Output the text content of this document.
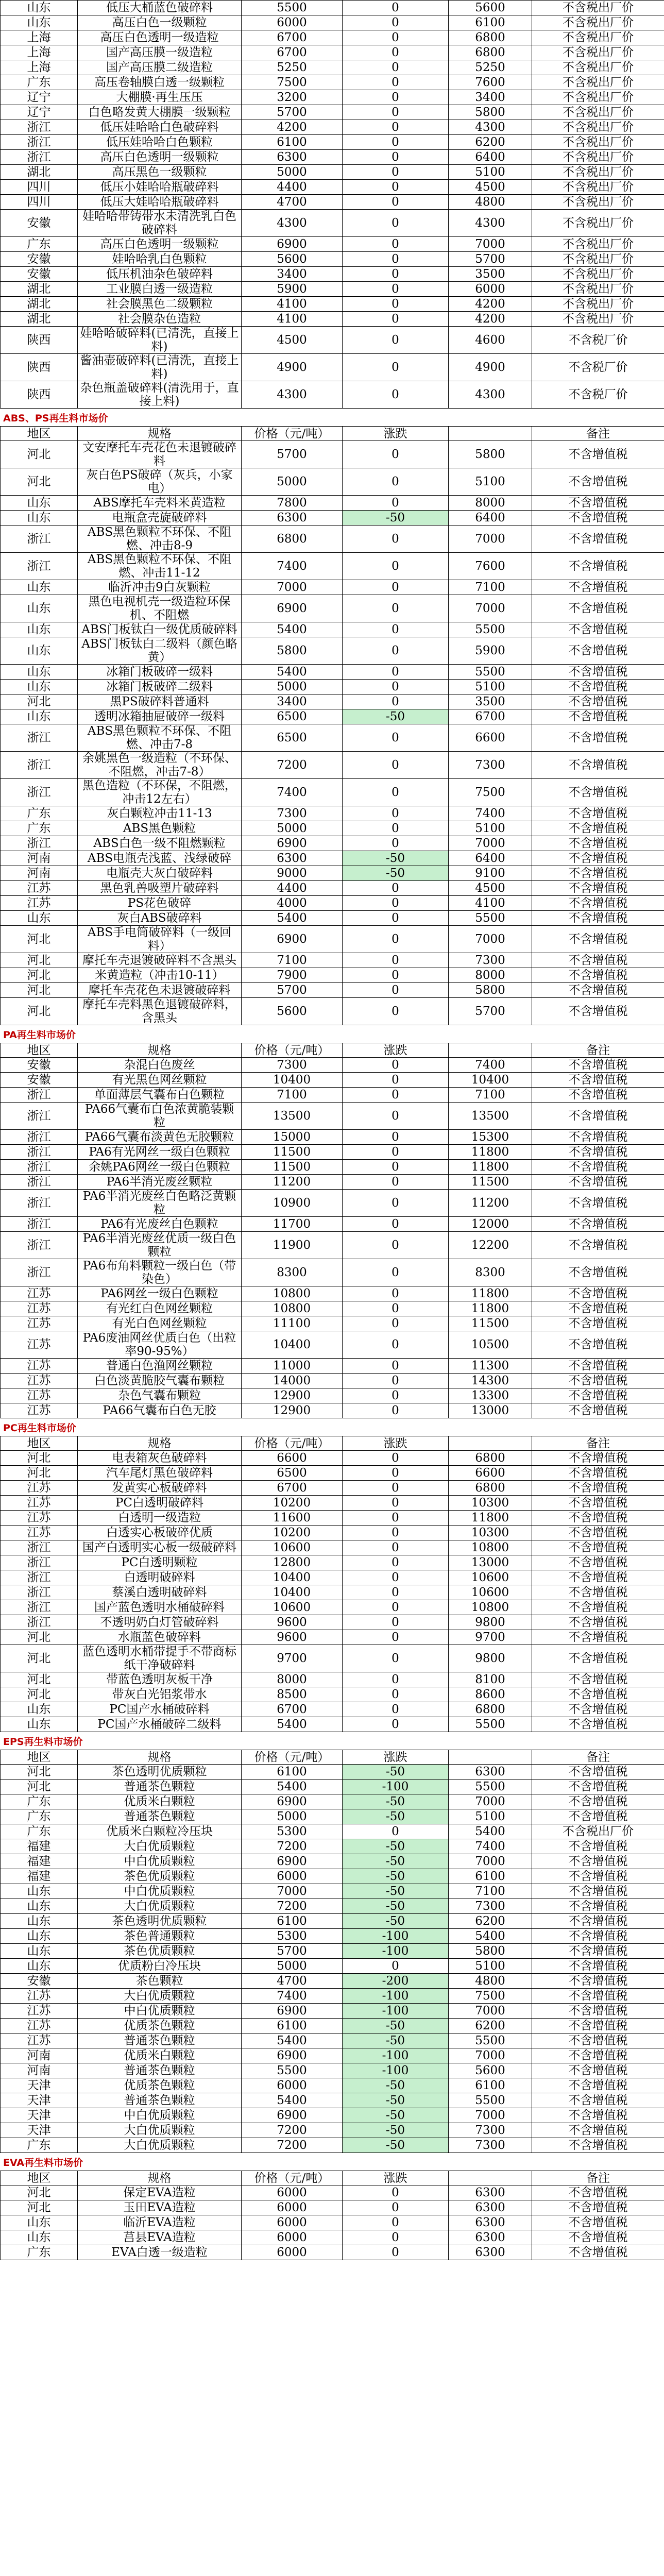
山东	低压大桶蓝色破碎料	5500	0	5600	不含税出厂价
山东	高压白色一级颗粒	6000	0	6100	不含税出厂价
上海	高压白色透明一级造粒	6700	0	6800	不含税出厂价
上海	国产高压膜一级造粒	6700	0	6800	不含税出厂价
上海	国产高压膜二级造粒	5250	0	5250	不含税出厂价
广东	高压卷轴膜白透一级颗粒	7500	0	7600	不含税出厂价
辽宁	大棚膜·再生压压	3200	0	3400	不含税出厂价
辽宁	白色略发黄大棚膜一级颗粒	5700	0	5800	不含税出厂价
浙江	低压娃哈哈白色破碎料	4200	0	4300	不含税出厂价
浙江	低压娃哈哈白色颗粒	6100	0	6200	不含税出厂价
浙江	高压白色透明一级颗粒	6300	0	6400	不含税出厂价
湖北	高压黑色一级颗粒	5000	0	5100	不含税出厂价
四川	低压小娃哈哈瓶破碎料	4400	0	4500	不含税出厂价
四川	低压大娃哈哈瓶破碎料	4700	0	4800	不含税出厂价
安徽	娃哈哈带铸带水未清洗乳白色破碎料	4300	0	4300	不含税出厂价
广东	高压白色透明一级颗粒	6900	0	7000	不含税出厂价
安徽	娃哈哈乳白色颗粒	5600	0	5700	不含税出厂价
安徽	低压机油杂色破碎料	3400	0	3500	不含税出厂价
湖北	工业膜白透一级造粒	5900	0	6000	不含税出厂价
湖北	社会膜黑色二级颗粒	4100	0	4200	不含税出厂价
湖北	社会膜杂色造粒	4100	0	4200	不含税出厂价
陕西	娃哈哈破碎料(已清洗，直接上料)	4500	0	4600	不含税厂价
陕西	酱油壶破碎料(已清洗，直接上料)	4900	0	4900	不含税厂价
陕西	杂色瓶盖破碎料(清洗用于，直接上料)	4300	0	4300	不含税厂价
ABS、PS再生料市场价
地区	规格	价格（元/吨）	涨跌		备注
河北	文安摩托车壳花色未退镀破碎料	5700	0	5800	不含增值税
河北	灰白色PS破碎（灰兵，小家电）	5000	0	5100	不含增值税
山东	ABS摩托车壳料米黄造粒	7800	0	8000	不含增值税
山东	电瓶盒壳旋破碎料	6300	-50	6400	不含增值税
浙江	ABS黑色颗粒不环保、不阻燃、冲击8-9	6800	0	7000	不含增值税
浙江	ABS黑色颗粒不环保、不阻燃、冲击11-12	7400	0	7600	不含增值税
山东	临沂冲击9白灰颗粒	7000	0	7100	不含增值税
山东	黑色电视机壳一级造粒环保机、不阻燃	6900	0	7000	不含增值税
山东	ABS门板钛白一级优质破碎料	5400	0	5500	不含增值税
山东	ABS门板钛白二级料（颜色略黄）	5800	0	5900	不含增值税
山东	冰箱门板破碎一级料	5400	0	5500	不含增值税
山东	冰箱门板破碎二级料	5000	0	5100	不含增值税
河北	黑PS破碎料普通料	3400	0	3500	不含增值税
山东	透明冰箱抽屉破碎一级料	6500	-50	6700	不含增值税
浙江	ABS黑色颗粒不环保、不阻燃、冲击7-8	6500	0	6600	不含增值税
浙江	余姚黑色一级造粒（不环保、不阻燃，冲击7-8）	7200	0	7300	不含增值税
浙江	黑色造粒（不环保，不阻燃，冲击12左右）	7400	0	7500	不含增值税
广东	灰白颗粒冲击11-13	7300	0	7400	不含增值税
广东	ABS黑色颗粒	5000	0	5100	不含增值税
浙江	ABS白色一级不阻燃颗粒	6900	0	7000	不含增值税
河南	ABS电瓶壳浅蓝、浅绿破碎	6300	-50	6400	不含增值税
河南	电瓶壳大灰白破碎料	9000	-50	9100	不含增值税
江苏	黑色乳兽吸塑片破碎料	4400	0	4500	不含增值税
江苏	PS花色破碎	4000	0	4100	不含增值税
山东	灰白ABS破碎料	5400	0	5500	不含增值税
河北	ABS手电筒破碎料（一级回料）	6900	0	7000	不含增值税
河北	摩托车壳退镀破碎料不含黑头	7100	0	7300	不含增值税
河北	米黄造粒（冲击10-11）	7900	0	8000	不含增值税
河北	摩托车壳花色未退镀破碎料	5700	0	5800	不含增值税
河北	摩托车壳料黑色退镀破碎料，含黑头	5600	0	5700	不含增值税
PA再生料市场价
地区	规格	价格（元/吨）	涨跌		备注
安徽	杂混白色废丝	7300	0	7400	不含增值税
安徽	有光黑色网丝颗粒	10400	0	10400	不含增值税
浙江	单面薄层气囊布白色颗粒	7100	0	7100	不含增值税
浙江	PA66气囊布白色浓黄脆装颗粒	13500	0	13500	不含增值税
浙江	PA66气囊布淡黄色无胶颗粒	15000	0	15300	不含增值税
浙江	PA6有光网丝一级白色颗粒	11500	0	11800	不含增值税
浙江	余姚PA6网丝一级白色颗粒	11500	0	11800	不含增值税
浙江	PA6半消光废丝颗粒	11200	0	11500	不含增值税
浙江	PA6半消光废丝白色略泛黄颗粒	10900	0	11200	不含增值税
浙江	PA6有光废丝白色颗粒	11700	0	12000	不含增值税
浙江	PA6半消光废丝优质一级白色颗粒	11900	0	12200	不含增值税
浙江	PA6布角料颗粒一级白色（带染色）	8300	0	8300	不含增值税
江苏	PA6网丝一级白色颗粒	10800	0	11800	不含增值税
江苏	有光红白色网丝颗粒	10800	0	11800	不含增值税
江苏	有光白色网丝颗粒	11100	0	11500	不含增值税
江苏	PA6废油网丝优质白色（出粒率90-95%）	10400	0	10500	不含增值税
江苏	普通白色渔网丝颗粒	11000	0	11300	不含增值税
江苏	白色淡黄脆胶气囊布颗粒	14000	0	14300	不含增值税
江苏	杂色气囊布颗粒	12900	0	13300	不含增值税
江苏	PA66气囊布白色无胶	12900	0	13000	不含增值税
PC再生料市场价
地区	规格	价格（元/吨）	涨跌		备注
河北	电表箱灰色破碎料	6600	0	6800	不含增值税
河北	汽车尾灯黑色破碎料	6500	0	6600	不含增值税
江苏	发黄实心板破碎料	6700	0	6800	不含增值税
江苏	PC白透明破碎料	10200	0	10300	不含增值税
江苏	白透明一级造粒	11600	0	11800	不含增值税
江苏	白透实心板破碎优质	10200	0	10300	不含增值税
浙江	国产白透明实心板一级破碎料	10600	0	10800	不含增值税
浙江	PC白透明颗粒	12800	0	13000	不含增值税
浙江	白透明破碎料	10400	0	10600	不含增值税
浙江	蔡溪白透明破碎料	10400	0	10600	不含增值税
浙江	国产蓝色透明水桶破碎料	10600	0	10800	不含增值税
浙江	不透明奶白灯管破碎料	9600	0	9800	不含增值税
河北	水瓶蓝色破碎料	9600	0	9700	不含增值税
河北	蓝色透明水桶带提手不带商标纸干净破碎料	9700	0	9800	不含增值税
河北	带蓝色透明灰板干净	8000	0	8100	不含增值税
河北	带灰白光铝浆带水	8500	0	8600	不含增值税
山东	PC国产水桶破碎料	6700	0	6800	不含增值税
山东	PC国产水桶破碎二级料	5400	0	5500	不含增值税
EPS再生料市场价
地区	规格	价格（元/吨）	涨跌		备注
河北	茶色透明优质颗粒	6100	-50	6300	不含增值税
河北	普通茶色颗粒	5400	-100	5500	不含增值税
广东	优质米白颗粒	6900	-50	7000	不含增值税
广东	普通茶色颗粒	5000	-50	5100	不含增值税
广东	优质米白颗粒冷压块	5300	0	5400	不含税出厂价
福建	大白优质颗粒	7200	-50	7400	不含增值税
福建	中白优质颗粒	6900	-50	7000	不含增值税
福建	茶色优质颗粒	6000	-50	6100	不含增值税
山东	中白优质颗粒	7000	-50	7100	不含增值税
山东	大白优质颗粒	7200	-50	7300	不含增值税
山东	茶色透明优质颗粒	6100	-50	6200	不含增值税
山东	茶色普通颗粒	5300	-100	5400	不含增值税
山东	茶色优质颗粒	5700	-100	5800	不含增值税
山东	优质粉白冷压块	5000	0	5100	不含增值税
安徽	茶色颗粒	4700	-200	4800	不含增值税
江苏	大白优质颗粒	7400	-100	7500	不含增值税
江苏	中白优质颗粒	6900	-100	7000	不含增值税
江苏	优质茶色颗粒	6100	-50	6200	不含增值税
江苏	普通茶色颗粒	5400	-50	5500	不含增值税
河南	优质米白颗粒	6900	-100	7000	不含增值税
河南	普通茶色颗粒	5500	-100	5600	不含增值税
天津	优质茶色颗粒	6000	-50	6100	不含增值税
天津	普通茶色颗粒	5400	-50	5500	不含增值税
天津	中白优质颗粒	6900	-50	7000	不含增值税
天津	大白优质颗粒	7200	-50	7300	不含增值税
广东	大白优质颗粒	7200	-50	7300	不含增值税
EVA再生料市场价
地区	规格	价格（元/吨）	涨跌		备注
河北	保定EVA造粒	6000	0	6300	不含增值税
河北	玉田EVA造粒	6000	0	6300	不含增值税
山东	临沂EVA造粒	6000	0	6300	不含增值税
山东	莒县EVA造粒	6000	0	6300	不含增值税
广东	EVA白透一级造粒	6000	0	6300	不含增值税
